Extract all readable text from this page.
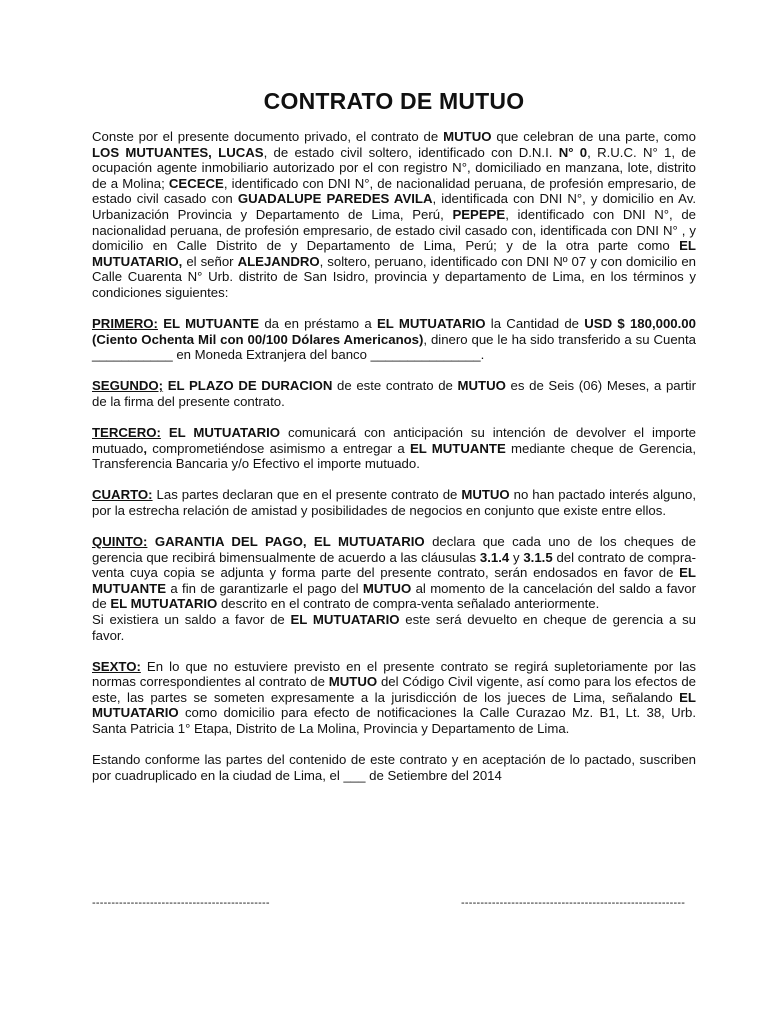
CONTRATO DE MUTUO

Conste por el presente documento privado, el contrato de MUTUO que celebran de una parte, como LOS MUTUANTES, LUCAS, de estado civil soltero, identificado con D.N.I. N° 0, R.U.C. N° 1, de ocupación agente inmobiliario autorizado por el con registro N°, domiciliado en manzana, lote, distrito de a Molina; CECECE, identificado con DNI N°, de nacionalidad peruana, de profesión empresario, de estado civil casado con GUADALUPE PAREDES AVILA, identificada con DNI N°, y domicilio en Av. Urbanización Provincia y Departamento de Lima, Perú, PEPEPE, identificado con DNI N°, de nacionalidad peruana, de profesión empresario, de estado civil casado con, identificada con DNI N° , y domicilio en Calle Distrito de y Departamento de Lima, Perú; y de la otra parte como EL MUTUATARIO, el señor ALEJANDRO, soltero, peruano, identificado con DNI Nº 07 y con domicilio en Calle Cuarenta N° Urb. distrito de San Isidro, provincia y departamento de Lima, en los términos y condiciones siguientes:

PRIMERO: EL MUTUANTE da en préstamo a EL MUTUATARIO la Cantidad de USD $ 180,000.00 (Ciento Ochenta Mil con 00/100 Dólares Americanos), dinero que le ha sido transferido a su Cuenta ___________ en Moneda Extranjera del banco _______________.

SEGUNDO; EL PLAZO DE DURACION de este contrato de MUTUO es de Seis (06) Meses, a partir de la firma del presente contrato.

TERCERO: EL MUTUATARIO comunicará con anticipación su intención de devolver el importe mutuado, comprometiéndose asimismo a entregar a EL MUTUANTE mediante cheque de Gerencia, Transferencia Bancaria y/o Efectivo el importe mutuado.

CUARTO: Las partes declaran que en el presente contrato de MUTUO no han pactado interés alguno, por la estrecha relación de amistad y posibilidades de negocios en conjunto que existe entre ellos.

QUINTO: GARANTIA DEL PAGO, EL MUTUATARIO declara que cada uno de los cheques de gerencia que recibirá bimensualmente de acuerdo a las cláusulas 3.1.4 y 3.1.5 del contrato de compra-venta cuya copia se adjunta y forma parte del presente contrato, serán endosados en favor de EL MUTUANTE a fin de garantizarle el pago del MUTUO al momento de la cancelación del saldo a favor de EL MUTUATARIO descrito en el contrato de compra-venta señalado anteriormente.

Si existiera un saldo a favor de EL MUTUATARIO este será devuelto en cheque de gerencia a su favor.

SEXTO: En lo que no estuviere previsto en el presente contrato se regirá supletoriamente por las normas correspondientes al contrato de MUTUO del Código Civil vigente, así como para los efectos de este, las partes se someten expresamente a la jurisdicción de los jueces de Lima, señalando EL MUTUATARIO como domicilio para efecto de notificaciones la Calle Curazao Mz. B1, Lt. 38, Urb. Santa Patricia 1° Etapa, Distrito de La Molina, Provincia y Departamento de Lima.

Estando conforme las partes del contenido de este contrato y en aceptación de lo pactado, suscriben por cuadruplicado en la ciudad de Lima, el ___ de Setiembre del 2014

----------------------------------------------	----------------------------------------------------------
